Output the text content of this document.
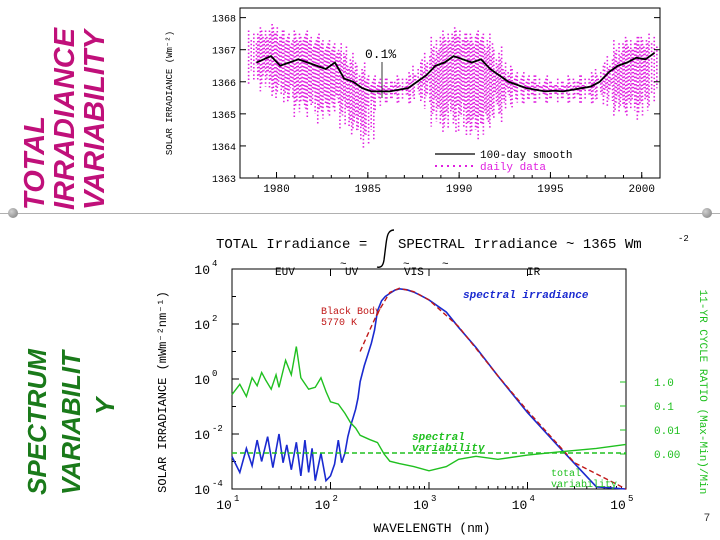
TOTAL
IRRADIANCE
VARIABILITY
SPECTRUM VARIABILIT Y
1363
1364
1365
1366
1367
1368
1980	1985	1990	1995	2000
SOLAR IRRADIANCE (Wm⁻²)	0.1%
100-day smooth
daily data
TOTAL Irradiance = SPECTRAL Irradiance ~ 1365 Wm	-2
10 1	10 2	10 3	10 4	10 5
10 -4
10 -2
10 0
10 2
10 4
1.0
0.1
0.01
0.00
~	~	~
EUV	UV	VIS	IR
Black Body
5770 K
spectral irradiance
spectral
variability
total
variability
SOLAR IRRADIANCE (mWm⁻²nm⁻¹)
WAVELENGTH (nm)
11-YR CYCLE RATIO (Max-Min)/Min
7
